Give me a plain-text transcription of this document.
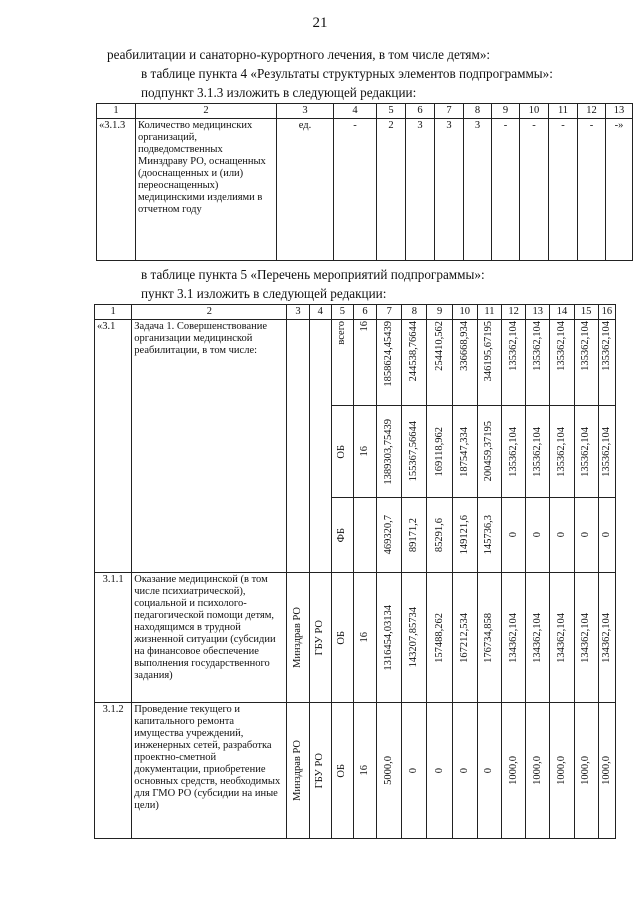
21
реабилитации и санаторно-курортного лечения, в том числе детям»:
в таблице пункта 4 «Результаты структурных элементов подпрограммы»:
подпункт 3.1.3 изложить в следующей редакции:
1	2	3	4	5	6	7	8	9	10	11	12	13
«3.1.3	Количество медицинских организаций, подведомственных Минздраву РО, оснащенных (дооснащенных и (или) переоснащенных) медицинскими изделиями в отчетном году	ед.	-	2	3	3	3	-	-	-	-	-»
в таблице пункта 5 «Перечень мероприятий подпрограммы»:
пункт 3.1 изложить в следующей редакции:
1	2	3	4	5	6	7	8	9	10	11	12	13	14	15	16
«3.1	Задача 1. Совершенствование организации медицинской реабилитации, в том числе:			всего	16	1858624,45439	244538,76644	254410,562	336668,934	346195,67195	135362,104	135362,104	135362,104	135362,104	135362,104

				ОБ	16	1389303,75439	155367,56644	169118,962	187547,334	200459,37195	135362,104	135362,104	135362,104	135362,104	135362,104

				ФБ		469320,7	89171,2	85291,6	149121,6	145736,3	0	0	0	0	0

3.1.1	Оказание медицинской (в том числе психиатрической), социальной и психолого-педагогической помощи детям, находящимся в трудной жизненной ситуации (субсидии на финансовое обеспечение выполнения государственного задания)	Минздрав РО	ГБУ РО	ОБ	16	1316454,03134	143207,85734	157488,262	167212,534	176734,858	134362,104	134362,104	134362,104	134362,104	134362,104

3.1.2	Проведение текущего и капитального ремонта имущества учреждений, инженерных сетей, разработка проектно-сметной документации, приобретение основных средств, необходимых для ГМО РО (субсидии на иные цели)	Минздрав РО	ГБУ РО	ОБ	16	5000,0	0	0	0	0	1000,0	1000,0	1000,0	1000,0	1000,0
